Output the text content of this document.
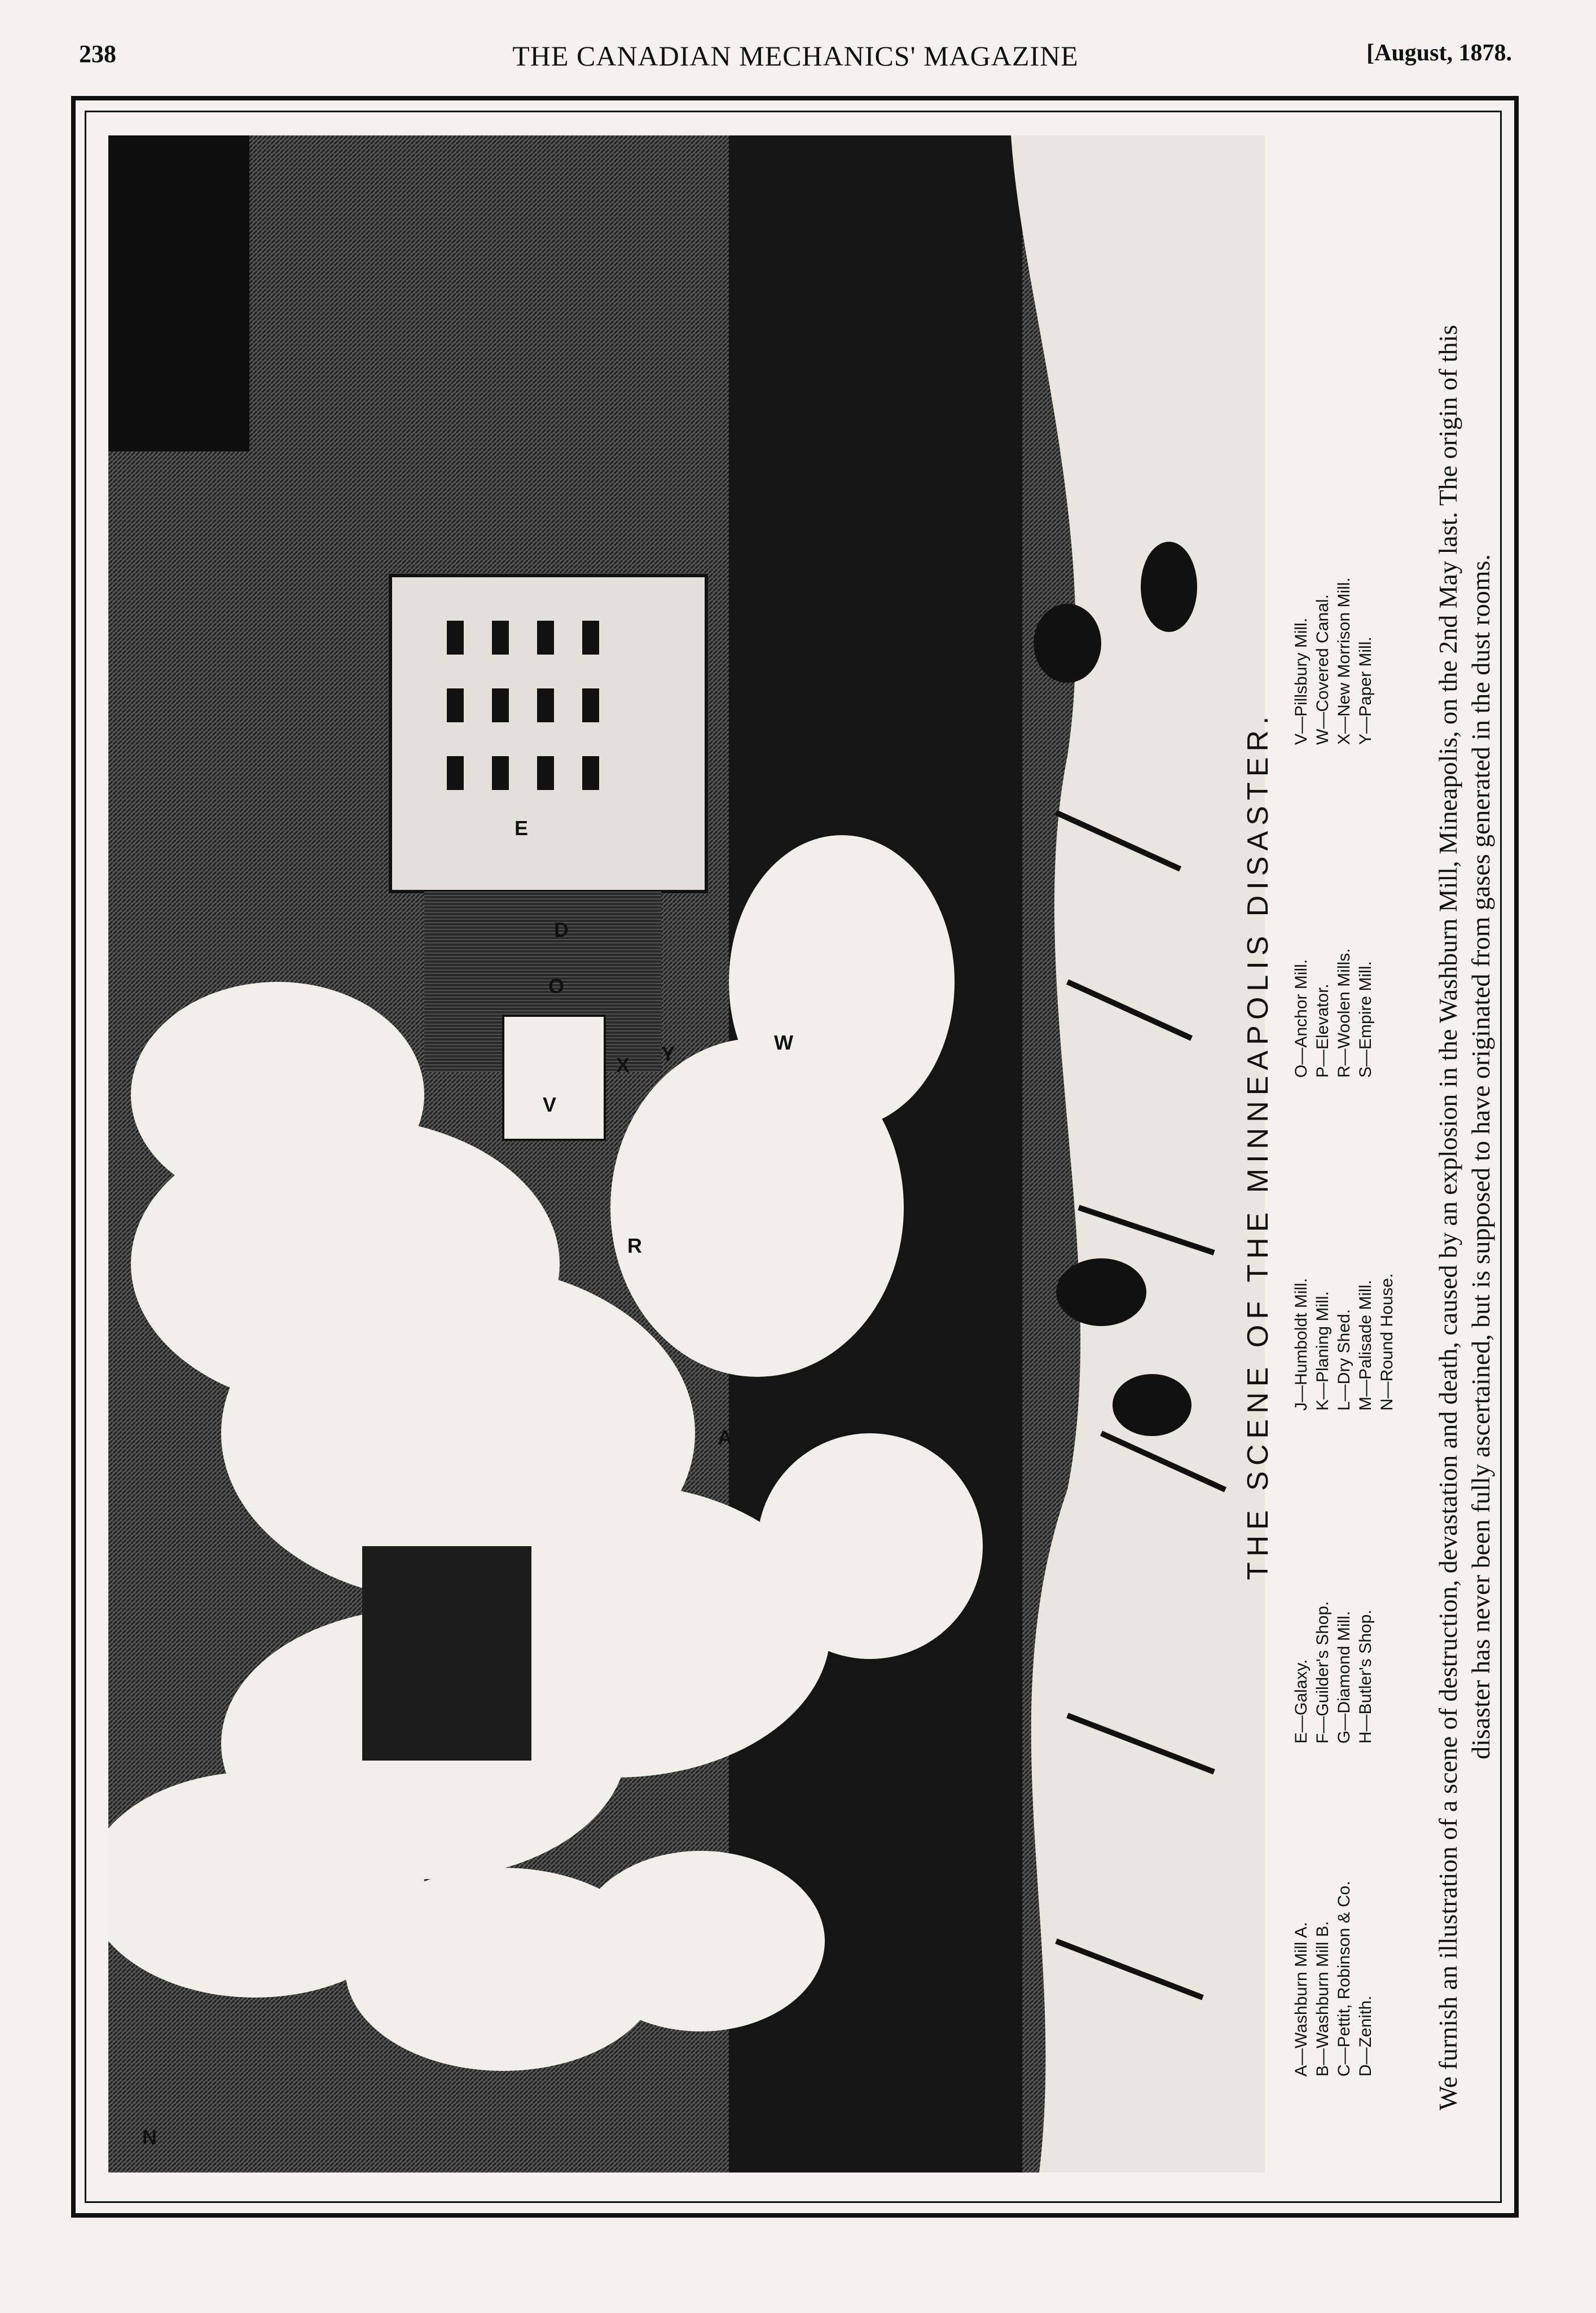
238	THE CANADIAN MECHANICS' MAGAZINE	[August, 1878.
E
D
O
V
X Y	W
R
A
N
THE SCENE OF THE MINNEAPOLIS DISASTER.
A—Washburn Mill A. B—Washburn Mill B. C—Pettit, Robinson & Co. D—Zenith.
E—Galaxy. F—Guilder's Shop. G—Diamond Mill. H—Butler's Shop.
J—Humboldt Mill. K—Planing Mill. L—Dry Shed. M—Palisade Mill. N—Round House.
O—Anchor Mill. P—Elevator. R—Woolen Mills. S—Empire Mill.
V—Pillsbury Mill. W—Covered Canal. X—New Morrison Mill. Y—Paper Mill. We furnish an illustration of a scene of destruction, devastation and death, caused by an explosion in the Washburn Mill, Mineapolis, on the 2nd May last. The origin of this disaster has never been fully ascertained, but is supposed to have originated from gases generated in the dust rooms.
